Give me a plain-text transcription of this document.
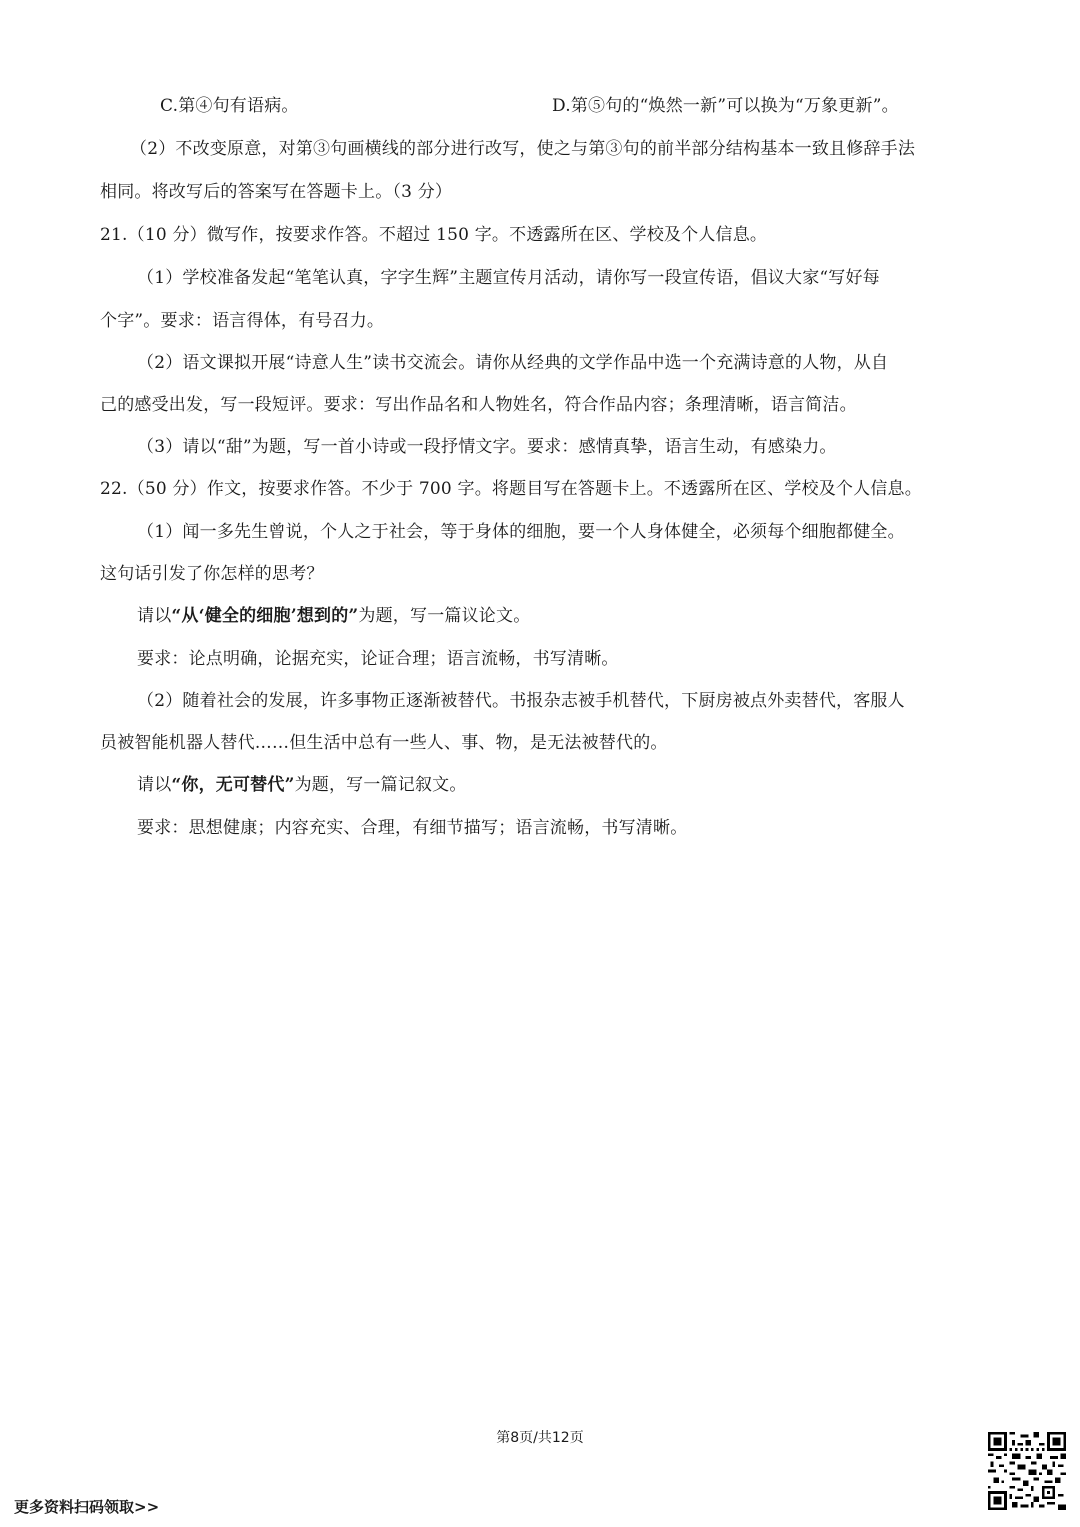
C.第④句有语病。	D.第⑤句的“焕然一新”可以换为“万象更新”。
（2）不改变原意，对第③句画横线的部分进行改写，使之与第③句的前半部分结构基本一致且修辞手法
相同。将改写后的答案写在答题卡上。（3 分）
21.（10 分）微写作，按要求作答。不超过 150 字。不透露所在区、学校及个人信息。
（1）学校准备发起“笔笔认真，字字生辉”主题宣传月活动，请你写一段宣传语，倡议大家“写好每
个字”。要求：语言得体，有号召力。
（2）语文课拟开展“诗意人生”读书交流会。请你从经典的文学作品中选一个充满诗意的人物，从自
己的感受出发，写一段短评。要求：写出作品名和人物姓名，符合作品内容；条理清晰，语言简洁。
（3）请以“甜”为题，写一首小诗或一段抒情文字。要求：感情真挚，语言生动，有感染力。
22.（50 分）作文，按要求作答。不少于 700 字。将题目写在答题卡上。不透露所在区、学校及个人信息。
（1）闻一多先生曾说，个人之于社会，等于身体的细胞，要一个人身体健全，必须每个细胞都健全。
这句话引发了你怎样的思考？
请以“从‘健全的细胞’想到的”为题，写一篇议论文。
要求：论点明确，论据充实，论证合理；语言流畅，书写清晰。
（2）随着社会的发展，许多事物正逐渐被替代。书报杂志被手机替代，下厨房被点外卖替代，客服人
员被智能机器人替代……但生活中总有一些人、事、物，是无法被替代的。
请以“你，无可替代”为题，写一篇记叙文。
要求：思想健康；内容充实、合理，有细节描写；语言流畅，书写清晰。
第8页/共12页
更多资料扫码领取>>
